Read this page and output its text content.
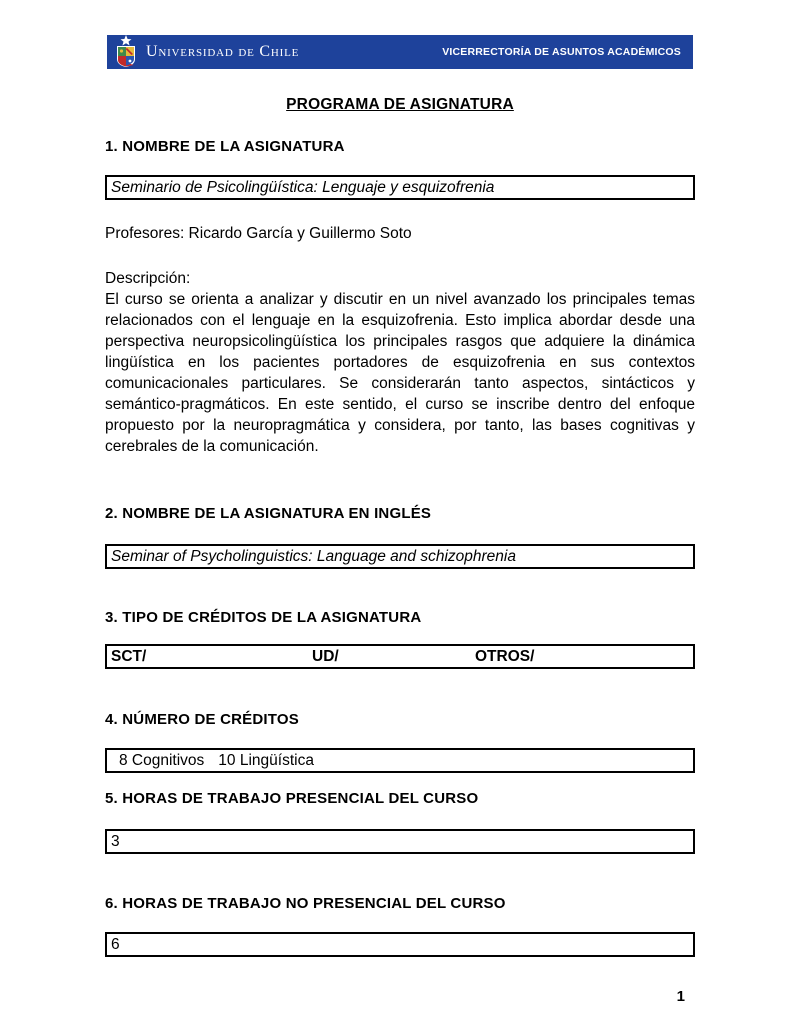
Universidad de Chile	VICERRECTORÍA DE ASUNTOS ACADÉMICOS
PROGRAMA DE ASIGNATURA
1. NOMBRE DE LA ASIGNATURA
Seminario de Psicolingüística: Lenguaje y esquizofrenia
Profesores: Ricardo García y Guillermo Soto
Descripción:
El curso se orienta a analizar y discutir en un nivel avanzado los principales temas relacionados con el lenguaje en la esquizofrenia. Esto implica abordar desde una perspectiva neuropsicolingüística los principales rasgos que adquiere la dinámica lingüística en los pacientes portadores de esquizofrenia en sus contextos comunicacionales particulares. Se considerarán tanto aspectos, sintácticos y semántico-pragmáticos. En este sentido, el curso se inscribe dentro del enfoque propuesto por la neuropragmática y considera, por tanto, las bases cognitivas y cerebrales de la comunicación.
2. NOMBRE DE LA ASIGNATURA EN INGLÉS
Seminar of Psycholinguistics: Language and schizophrenia
3. TIPO DE CRÉDITOS DE LA ASIGNATURA
SCT/	UD/	OTROS/
4. NÚMERO DE CRÉDITOS
8 Cognitivos 10 Lingüística
5. HORAS DE TRABAJO PRESENCIAL DEL CURSO
3
6. HORAS DE TRABAJO NO PRESENCIAL DEL CURSO
6
1
